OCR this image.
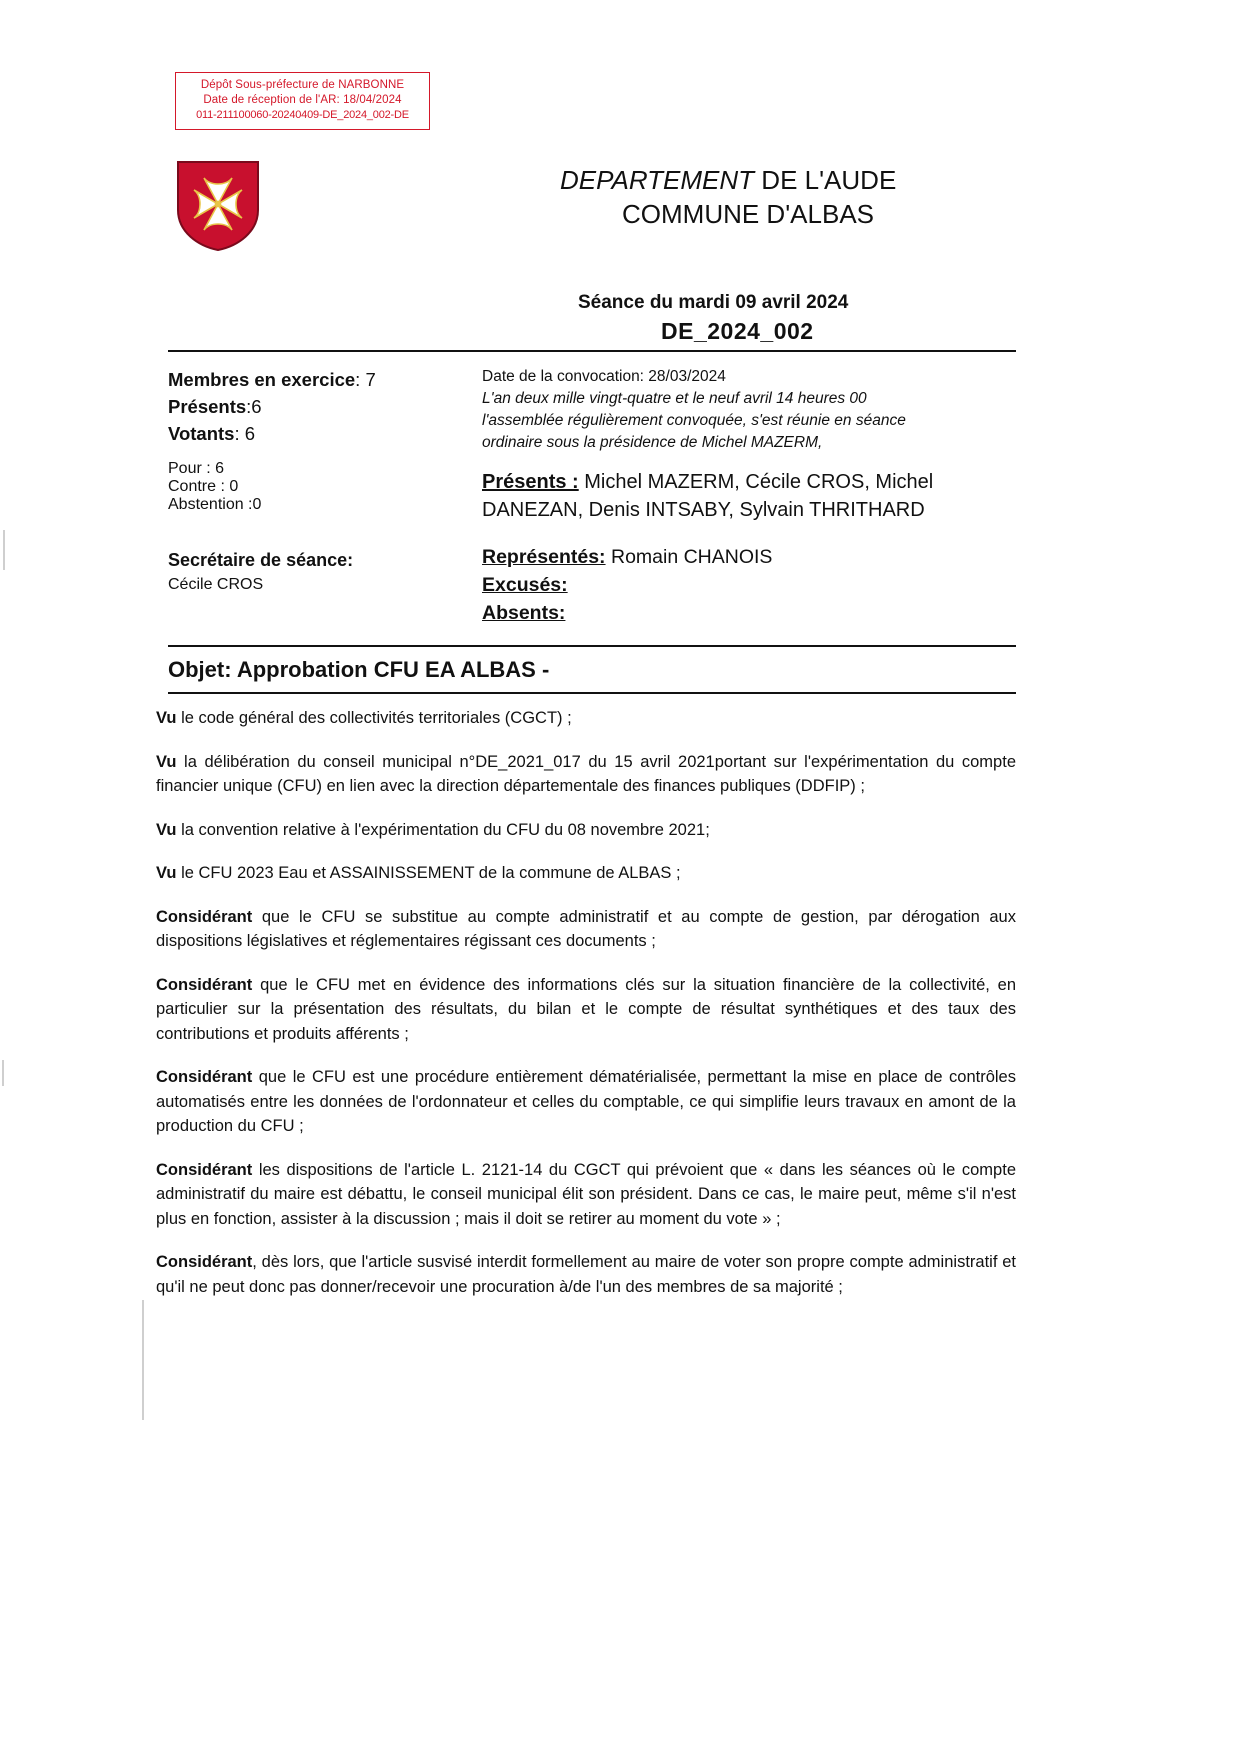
Dépôt Sous-préfecture de NARBONNE
Date de réception de l'AR: 18/04/2024
011-211100060-20240409-DE_2024_002-DE
DEPARTEMENT DE L'AUDE
COMMUNE D'ALBAS
Séance du mardi 09 avril 2024
DE_2024_002
Membres en exercice: 7
Présents:6
Votants: 6
Pour : 6
Contre : 0
Abstention :0
Secrétaire de séance:
Cécile CROS
Date de la convocation: 28/03/2024
L'an deux mille vingt-quatre et le neuf avril 14 heures 00
l'assemblée régulièrement convoquée, s'est réunie en séance
ordinaire sous la présidence de Michel MAZERM,
Présents : Michel MAZERM, Cécile CROS, Michel DANEZAN, Denis INTSABY, Sylvain THRITHARD
Représentés: Romain CHANOIS
Excusés:
Absents:
Objet: Approbation CFU EA ALBAS -

Vu le code général des collectivités territoriales (CGCT) ;

Vu la délibération du conseil municipal n°DE_2021_017 du 15 avril 2021portant sur l'expérimentation du compte financier unique (CFU) en lien avec la direction départementale des finances publiques (DDFIP) ;

Vu la convention relative à l'expérimentation du CFU du 08 novembre 2021;

Vu le CFU 2023 Eau et ASSAINISSEMENT de la commune de ALBAS ;

Considérant que le CFU se substitue au compte administratif et au compte de gestion, par dérogation aux dispositions législatives et réglementaires régissant ces documents ;

Considérant que le CFU met en évidence des informations clés sur la situation financière de la collectivité, en particulier sur la présentation des résultats, du bilan et le compte de résultat synthétiques et des taux des contributions et produits afférents ;

Considérant que le CFU est une procédure entièrement dématérialisée, permettant la mise en place de contrôles automatisés entre les données de l'ordonnateur et celles du comptable, ce qui simplifie leurs travaux en amont de la production du CFU ;

Considérant les dispositions de l'article L. 2121-14 du CGCT qui prévoient que « dans les séances où le compte administratif du maire est débattu, le conseil municipal élit son président. Dans ce cas, le maire peut, même s'il n'est plus en fonction, assister à la discussion ; mais il doit se retirer au moment du vote » ;

Considérant, dès lors, que l'article susvisé interdit formellement au maire de voter son propre compte administratif et qu'il ne peut donc pas donner/recevoir une procuration à/de l'un des membres de sa majorité ;
